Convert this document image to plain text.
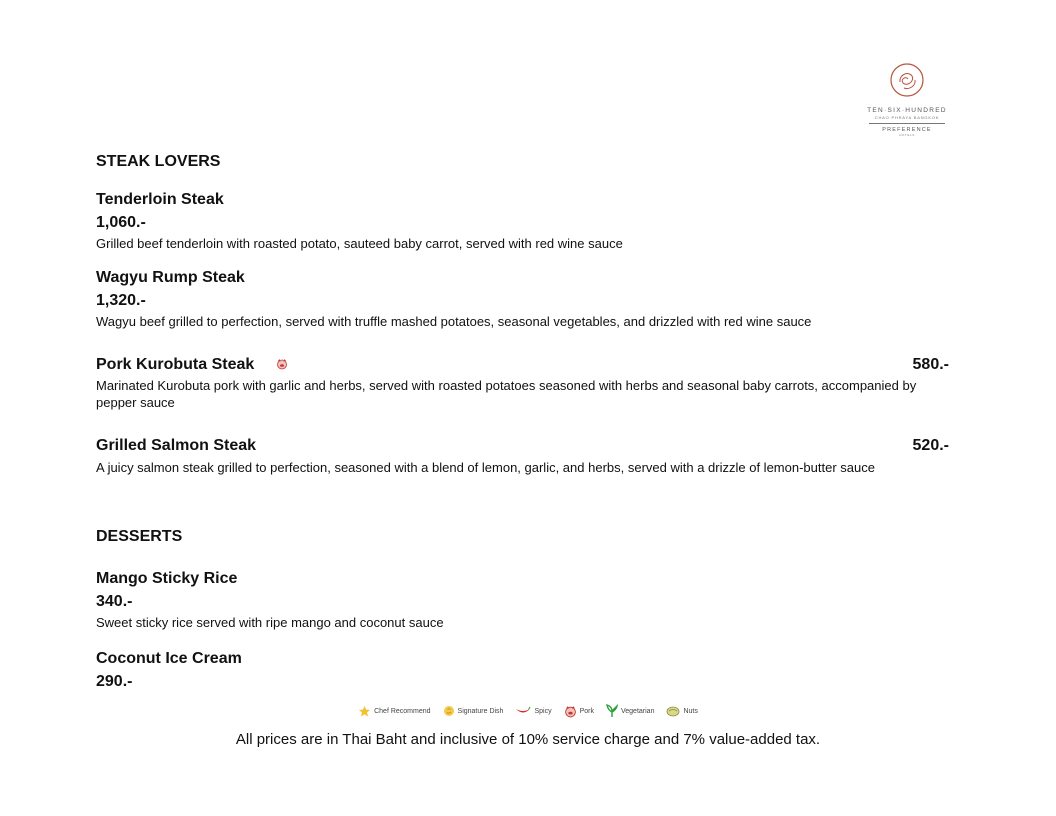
TEN·SIX·HUNDRED
CHAO PHRAYA BANGKOK
PREFERENCE
HOTELS
STEAK LOVERS
Tenderloin Steak
1,060.-
Grilled beef tenderloin with roasted potato, sauteed baby carrot, served with red wine sauce
Wagyu Rump Steak
1,320.-
Wagyu beef grilled to perfection, served with truffle mashed potatoes, seasonal vegetables, and drizzled with red wine sauce
Pork Kurobuta Steak	580.-
Marinated Kurobuta pork with garlic and herbs, served with roasted potatoes seasoned with herbs and seasonal baby carrots, accompanied by pepper sauce
Grilled Salmon Steak	520.-
A juicy salmon steak grilled to perfection, seasoned with a blend of lemon, garlic, and herbs, served with a drizzle of lemon-butter sauce
DESSERTS
Mango Sticky Rice
340.-
Sweet sticky rice served with ripe mango and coconut sauce
Coconut Ice Cream
290.-
Chef Recommend	Signature Dish	Spicy	Pork	Vegetarian	Nuts
All prices are in Thai Baht and inclusive of 10% service charge and 7% value-added tax.
